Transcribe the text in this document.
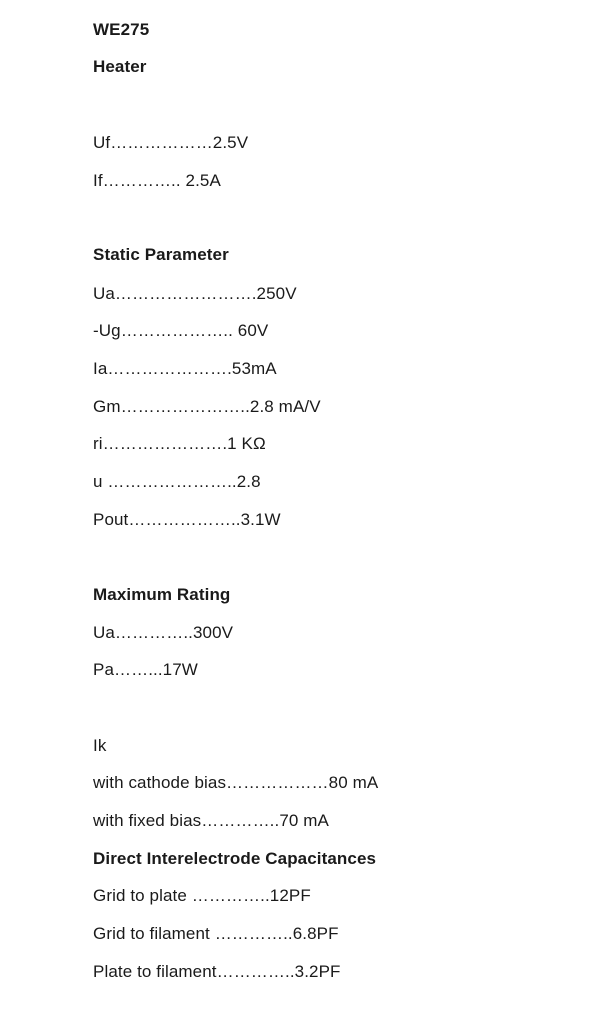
WE275
Heater
Uf………………2.5V
If………….. 2.5A
Static Parameter
Ua…………………….250V
-Ug……………….. 60V
Ia………………….53mA
Gm…………………..2.8 mA/V
ri………………….1 KΩ
u …………………..2.8
Pout………………..3.1W
Maximum Rating
Ua…………..300V
Pa……...17W
Ik
with cathode bias………………80 mA
with fixed bias…………..70 mA
Direct Interelectrode Capacitances
Grid to plate …………..12PF
Grid to filament …………..6.8PF
Plate to filament…………..3.2PF
